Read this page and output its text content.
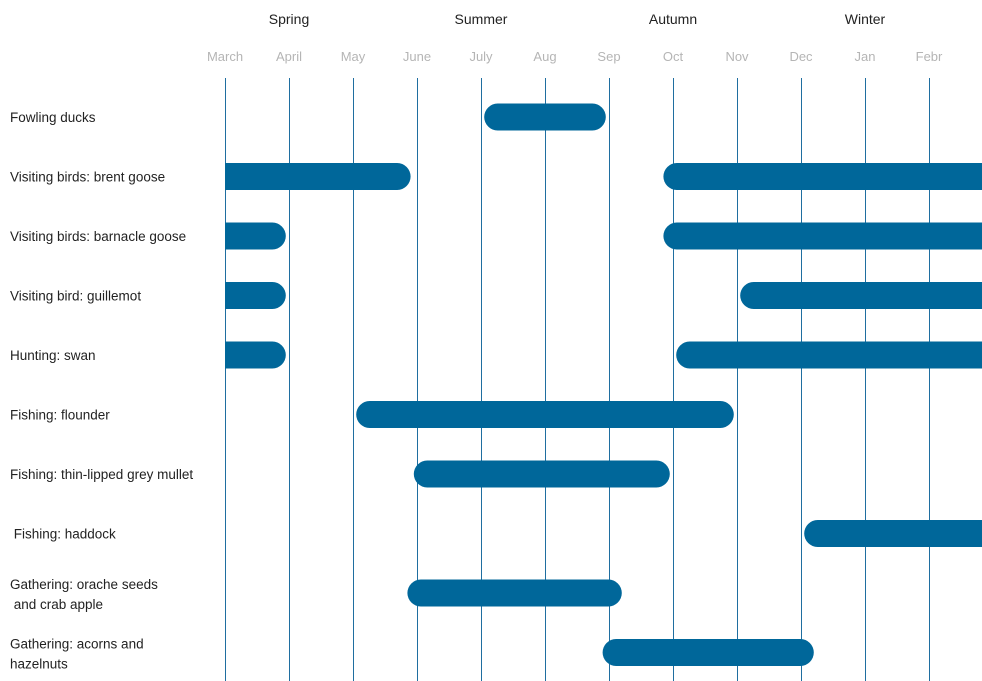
Spring	Summer	Autumn	Winter
March	April	May	June	July	Aug	Sep	Oct	Nov	Dec	Jan	Febr
Fowling ducks
Visiting birds: brent goose
Visiting birds: barnacle goose
Visiting bird: guillemot
Hunting: swan
Fishing: flounder
Fishing: thin-lipped grey mullet
Fishing: haddock
Gathering: orache seeds
and crab apple
Gathering: acorns and
hazelnuts
